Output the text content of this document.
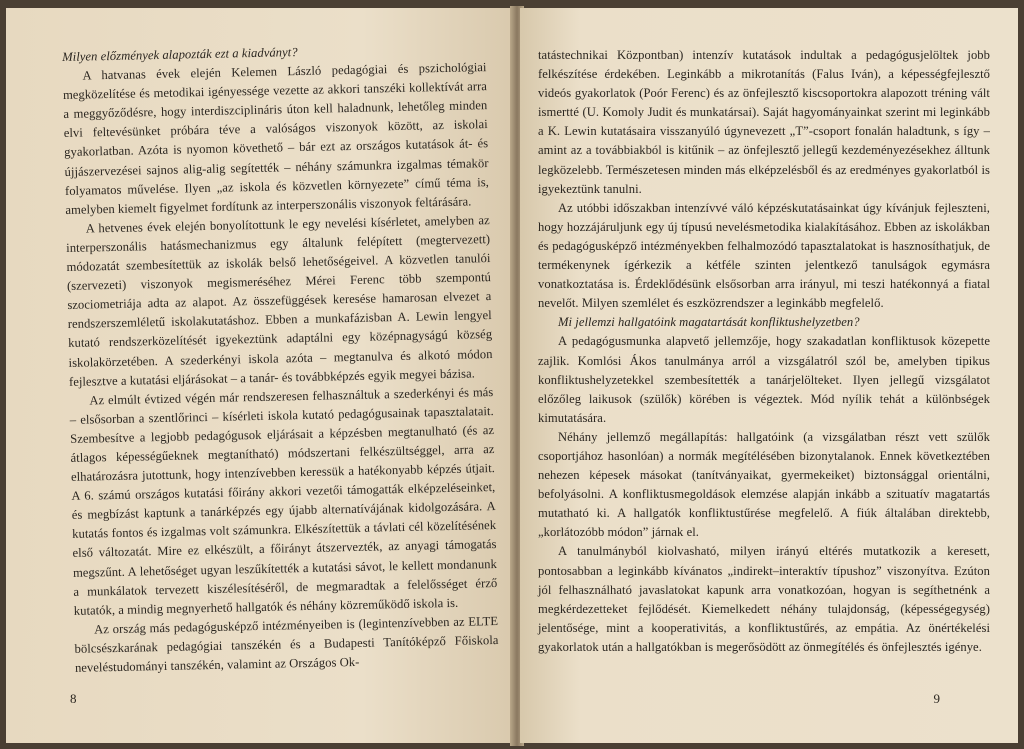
Milyen előzmények alapozták ezt a kiadványt?

A hatvanas évek elején Kelemen László pedagógiai és pszichológiai megközelítése és metodikai igényessége vezette az akkori tanszéki kollektívát arra a meggyőződésre, hogy interdiszciplináris úton kell haladnunk, lehetőleg minden elvi feltevésünket próbára téve a valóságos viszonyok között, az iskolai gyakorlatban. Azóta is nyomon követhető – bár ezt az országos kutatások át- és újjászervezései sajnos alig-alig segítették – néhány számunkra izgalmas témakör folyamatos művelése. Ilyen „az iskola és közvetlen környezete” című téma is, amelyben kiemelt figyelmet fordítunk az interperszonális viszonyok feltárására.

A hetvenes évek elején bonyolítottunk le egy nevelési kísérletet, amelyben az interperszonális hatásmechanizmus egy általunk felépített (megtervezett) módozatát szembesítettük az iskolák belső lehetőségeivel. A közvetlen tanulói (szervezeti) viszonyok megismeréséhez Mérei Ferenc több szempontú szociometriája adta az alapot. Az összefüggések keresése hamarosan elvezet a rendszerszemléletű iskolakutatáshoz. Ebben a munkafázisban A. Lewin lengyel kutató rendszerközelítését igyekeztünk adaptálni egy középnagyságú község iskolakörzetében. A szederkényi iskola azóta – megtanulva és alkotó módon fejlesztve a kutatási eljárásokat – a tanár- és továbbképzés egyik megyei bázisa.

Az elmúlt évtized végén már rendszeresen felhasználtuk a szederkényi és más – elsősorban a szentlőrinci – kísérleti iskola kutató pedagógusainak tapasztalatait. Szembesítve a legjobb pedagógusok eljárásait a képzésben megtanulható (és az átlagos képességűeknek megtanítható) módszertani felkészültséggel, arra az elhatározásra jutottunk, hogy intenzívebben keressük a hatékonyabb képzés útjait. A 6. számú országos kutatási főirány akkori vezetői támogatták elképzeléseinket, és megbízást kaptunk a tanárképzés egy újabb alternatívájának kidolgozására. A kutatás fontos és izgalmas volt számunkra. Elkészítettük a távlati cél közelítésének első változatát. Mire ez elkészült, a főirányt átszervezték, az anyagi támogatás megszűnt. A lehetőséget ugyan leszűkítették a kutatási sávot, le kellett mondanunk a munkálatok tervezett kiszélesítéséről, de megmaradtak a felelősséget érző kutatók, a mindig megnyerhető hallgatók és néhány közreműködő iskola is.

Az ország más pedagógusképző intézményeiben is (legintenzívebben az ELTE bölcsészkarának pedagógiai tanszékén és a Budapesti Tanítóképző Főiskola neveléstudományi tanszékén, valamint az Országos Ok-

8

tatástechnikai Központban) intenzív kutatások indultak a pedagógusjelöltek jobb felkészítése érdekében. Leginkább a mikrotanítás (Falus Iván), a képességfejlesztő videós gyakorlatok (Poór Ferenc) és az önfejlesztő kiscsoportokra alapozott tréning vált ismertté (U. Komoly Judit és munkatársai). Saját hagyományainkat szerint mi leginkább a K. Lewin kutatásaira visszanyúló úgynevezett „T”-csoport fonalán haladtunk, s így – amint az a továbbiakból is kitűnik – az önfejlesztő jellegű kezdeményezésekhez álltunk legközelebb. Természetesen minden más elképzelésből és az eredményes gyakorlatból is igyekeztünk tanulni.

Az utóbbi időszakban intenzívvé váló képzéskutatásainkat úgy kívánjuk fejleszteni, hogy hozzájáruljunk egy új típusú nevelésmetodika kialakításához. Ebben az iskolákban és pedagógusképző intézményekben felhalmozódó tapasztalatokat is hasznosíthatjuk, de termékenynek ígérkezik a kétféle szinten jelentkező tanulságok egymásra vonatkoztatása is. Érdeklődésünk elsősorban arra irányul, mi teszi hatékonnyá a fiatal nevelőt. Milyen szemlélet és eszközrendszer a leginkább megfelelő.

Mi jellemzi hallgatóink magatartását konfliktushelyzetben?

A pedagógusmunka alapvető jellemzője, hogy szakadatlan konfliktusok közepette zajlik. Komlósi Ákos tanulmánya arról a vizsgálatról szól be, amelyben tipikus konfliktushelyzetekkel szembesítették a tanárjelölteket. Ilyen jellegű vizsgálatot előzőleg laikusok (szülők) körében is végeztek. Mód nyílik tehát a különbségek kimutatására.

Néhány jellemző megállapítás: hallgatóink (a vizsgálatban részt vett szülők csoportjához hasonlóan) a normák megítélésében bizonytalanok. Ennek következtében nehezen képesek másokat (tanítványaikat, gyermekeiket) biztonsággal orientálni, befolyásolni. A konfliktusmegoldások elemzése alapján inkább a szituatív magatartás mutatható ki. A hallgatók konfliktustűrése megfelelő. A fiúk általában direktebb, „korlátozóbb módon” járnak el.

A tanulmányból kiolvasható, milyen irányú eltérés mutatkozik a keresett, pontosabban a leginkább kívánatos „indirekt–interaktív típushoz” viszonyítva. Ezúton jól felhasználható javaslatokat kapunk arra vonatkozóan, hogyan is segíthetnénk a megkérdezetteket fejlődését. Kiemelkedett néhány tulajdonság, (képességegység) jelentősége, mint a kooperativitás, a konfliktustűrés, az empátia. Az önértékelési gyakorlatok után a hallgatókban is megerősödött az önmegítélés és önfejlesztés igénye.

9
